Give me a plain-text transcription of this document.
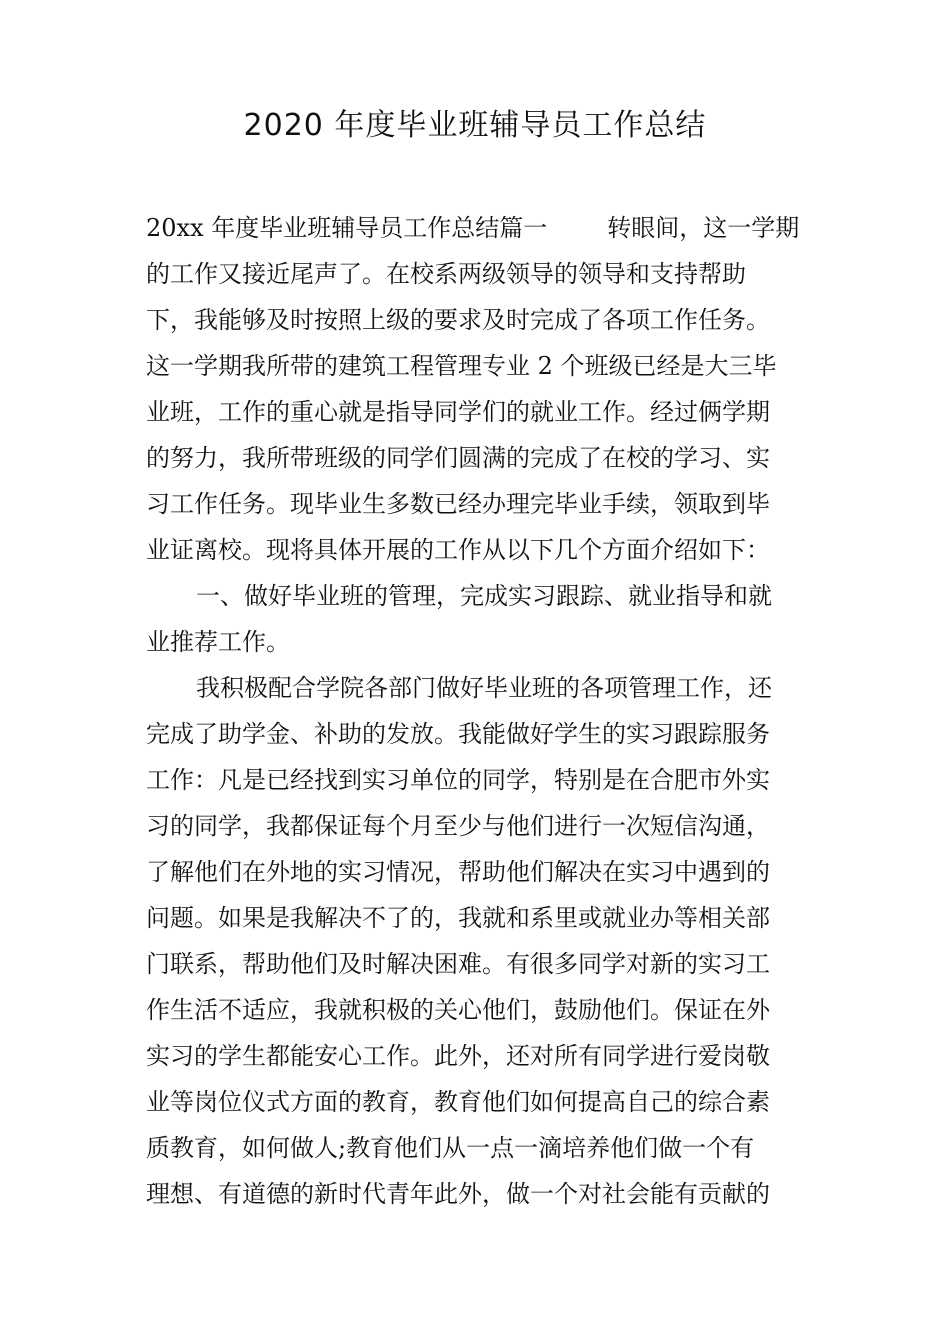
2020 年度毕业班辅导员工作总结
20xx 年度毕业班辅导员工作总结篇一	转眼间，这一学期
的工作又接近尾声了。在校系两级领导的领导和支持帮助
下，我能够及时按照上级的要求及时完成了各项工作任务。
这一学期我所带的建筑工程管理专业 2 个班级已经是大三毕
业班，工作的重心就是指导同学们的就业工作。经过俩学期
的努力，我所带班级的同学们圆满的完成了在校的学习、实
习工作任务。现毕业生多数已经办理完毕业手续，领取到毕
业证离校。现将具体开展的工作从以下几个方面介绍如下：
一、做好毕业班的管理，完成实习跟踪、就业指导和就
业推荐工作。
我积极配合学院各部门做好毕业班的各项管理工作，还
完成了助学金、补助的发放。我能做好学生的实习跟踪服务
工作：凡是已经找到实习单位的同学，特别是在合肥市外实
习的同学，我都保证每个月至少与他们进行一次短信沟通，
了解他们在外地的实习情况，帮助他们解决在实习中遇到的
问题。如果是我解决不了的，我就和系里或就业办等相关部
门联系，帮助他们及时解决困难。有很多同学对新的实习工
作生活不适应，我就积极的关心他们，鼓励他们。保证在外
实习的学生都能安心工作。此外，还对所有同学进行爱岗敬
业等岗位仪式方面的教育，教育他们如何提高自己的综合素
质教育，如何做人;教育他们从一点一滴培养他们做一个有
理想、有道德的新时代青年此外，做一个对社会能有贡献的
